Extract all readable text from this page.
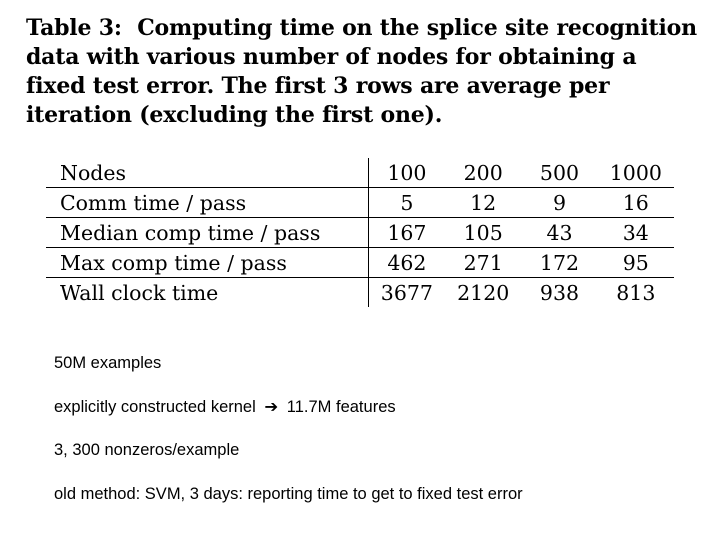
Table 3: Computing time on the splice site recognition data with various number of nodes for obtaining a fixed test error. The first 3 rows are average per iteration (excluding the first one).
Nodes	100	200	500	1000
Comm time / pass	5	12	9	16
Median comp time / pass	167	105	43	34
Max comp time / pass	462	271	172	95
Wall clock time	3677	2120	938	813
50M examples
explicitly constructed kernel ➔ 11.7M features
3, 300 nonzeros/example
old method: SVM, 3 days: reporting time to get to fixed test error
